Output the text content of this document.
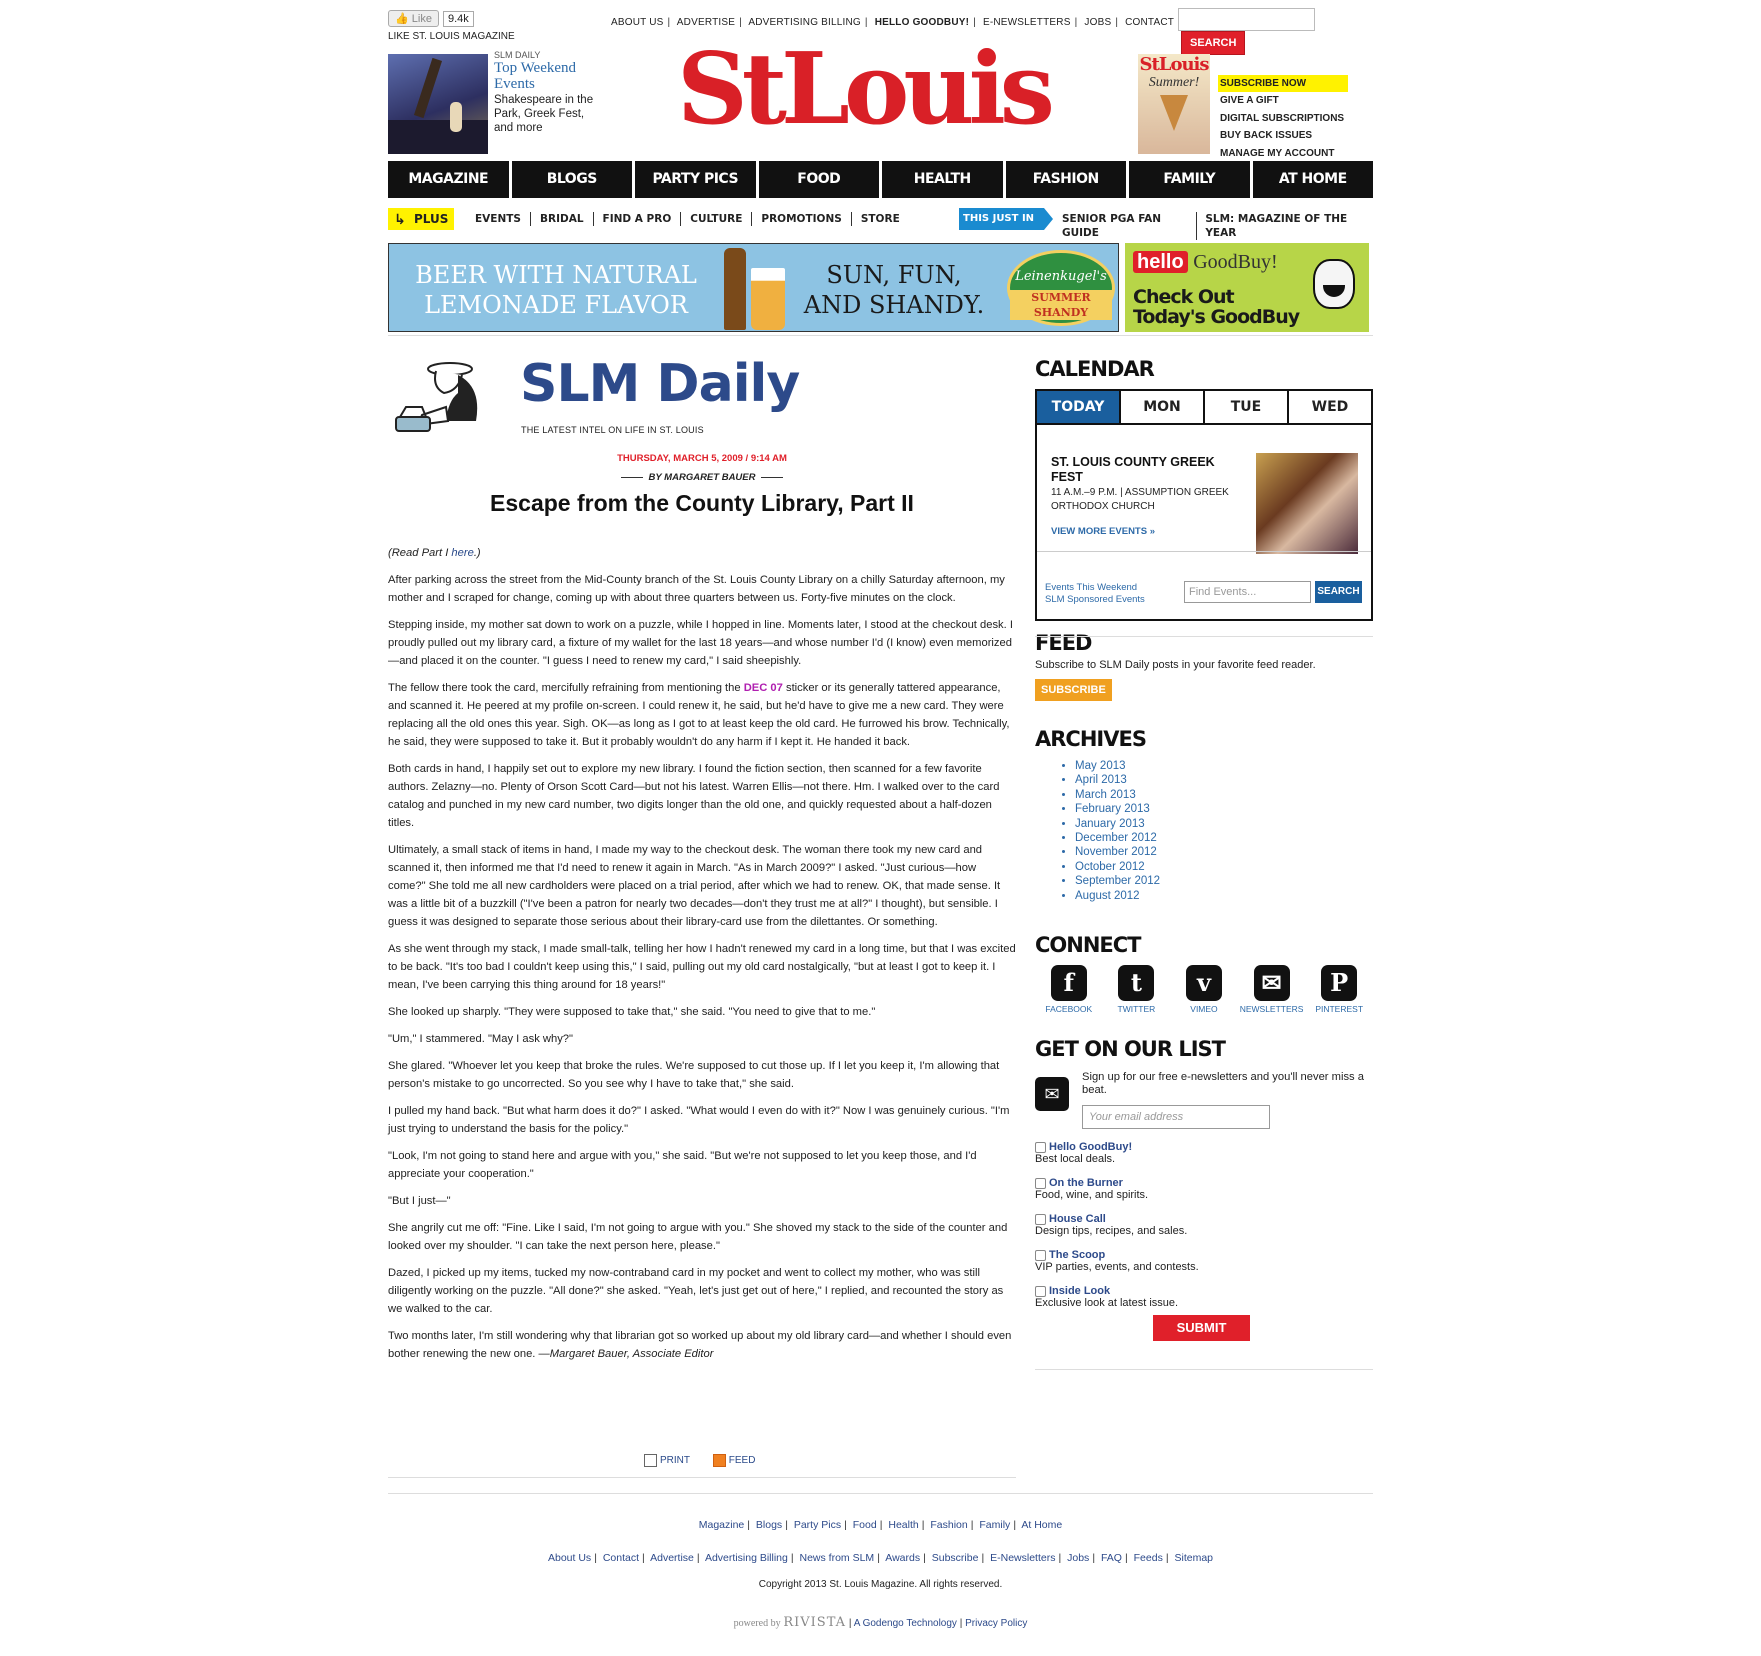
👍 Like 9.4k
LIKE ST. LOUIS MAGAZINE
ABOUT US | ADVERTISE | ADVERTISING BILLING | HELLO GOODBUY! | E-NEWSLETTERS | JOBS | CONTACT
SEARCH
SLM DAILY
Top Weekend Events
Shakespeare in the Park, Greek Fest, and more	StLouis	StLouis
Summer!	SUBSCRIBE NOW
GIVE A GIFT
DIGITAL SUBSCRIPTIONS
BUY BACK ISSUES
MANAGE MY ACCOUNT
MAGAZINE	BLOGS	PARTY PICS	FOOD	HEALTH	FASHION	FAMILY	AT HOME
↳ PLUS	EVENTS	BRIDAL	FIND A PRO	CULTURE	PROMOTIONS	STORE	THIS JUST IN	SENIOR PGA FAN GUIDE
SLM: MAGAZINE OF THE YEAR
BEER WITH NATURAL
LEMONADE FLAVOR
SUN, FUN,
AND SHANDY.
Leinenkugel's
SUMMER SHANDY
hello GoodBuy!
Check Out
Today's GoodBuy
SLM Daily
THE LATEST INTEL ON LIFE IN ST. LOUIS
THURSDAY, MARCH 5, 2009 / 9:14 AM
BY MARGARET BAUER
Escape from the County Library, Part II

(Read Part I here.)

After parking across the street from the Mid-County branch of the St. Louis County Library on a chilly Saturday afternoon, my mother and I scraped for change, coming up with about three quarters between us. Forty-five minutes on the clock.

Stepping inside, my mother sat down to work on a puzzle, while I hopped in line. Moments later, I stood at the checkout desk. I proudly pulled out my library card, a fixture of my wallet for the last 18 years—and whose number I'd (I know) even memorized—and placed it on the counter. "I guess I need to renew my card," I said sheepishly.

The fellow there took the card, mercifully refraining from mentioning the DEC 07 sticker or its generally tattered appearance, and scanned it. He peered at my profile on-screen. I could renew it, he said, but he'd have to give me a new card. They were replacing all the old ones this year. Sigh. OK—as long as I got to at least keep the old card. He furrowed his brow. Technically, he said, they were supposed to take it. But it probably wouldn't do any harm if I kept it. He handed it back.

Both cards in hand, I happily set out to explore my new library. I found the fiction section, then scanned for a few favorite authors. Zelazny—no. Plenty of Orson Scott Card—but not his latest. Warren Ellis—not there. Hm. I walked over to the card catalog and punched in my new card number, two digits longer than the old one, and quickly requested about a half-dozen titles.

Ultimately, a small stack of items in hand, I made my way to the checkout desk. The woman there took my new card and scanned it, then informed me that I'd need to renew it again in March. "As in March 2009?" I asked. "Just curious—how come?" She told me all new cardholders were placed on a trial period, after which we had to renew. OK, that made sense. It was a little bit of a buzzkill ("I've been a patron for nearly two decades—don't they trust me at all?" I thought), but sensible. I guess it was designed to separate those serious about their library-card use from the dilettantes. Or something.

As she went through my stack, I made small-talk, telling her how I hadn't renewed my card in a long time, but that I was excited to be back. "It's too bad I couldn't keep using this," I said, pulling out my old card nostalgically, "but at least I got to keep it. I mean, I've been carrying this thing around for 18 years!"

She looked up sharply. "They were supposed to take that," she said. "You need to give that to me."

"Um," I stammered. "May I ask why?"

She glared. "Whoever let you keep that broke the rules. We're supposed to cut those up. If I let you keep it, I'm allowing that person's mistake to go uncorrected. So you see why I have to take that," she said.

I pulled my hand back. "But what harm does it do?" I asked. "What would I even do with it?" Now I was genuinely curious. "I'm just trying to understand the basis for the policy."

"Look, I'm not going to stand here and argue with you," she said. "But we're not supposed to let you keep those, and I'd appreciate your cooperation."

"But I just—"

She angrily cut me off: "Fine. Like I said, I'm not going to argue with you." She shoved my stack to the side of the counter and looked over my shoulder. "I can take the next person here, please."

Dazed, I picked up my items, tucked my now-contraband card in my pocket and went to collect my mother, who was still diligently working on the puzzle. "All done?" she asked. "Yeah, let's just get out of here," I replied, and recounted the story as we walked to the car.

Two months later, I'm still wondering why that librarian got so worked up about my old library card—and whether I should even bother renewing the new one. —Margaret Bauer, Associate Editor

PRINT	FEED
CALENDAR
TODAY	MON	TUE	WED
ST. LOUIS COUNTY GREEK FEST
11 A.M.–9 P.M. | ASSUMPTION GREEK ORTHODOX CHURCH
VIEW MORE EVENTS »
Events This Weekend
SLM Sponsored Events
Find Events...	SEARCH
FEED
Subscribe to SLM Daily posts in your favorite feed reader.
SUBSCRIBE
ARCHIVES
• May 2013
• April 2013
• March 2013
• February 2013
• January 2013
• December 2012
• November 2012
• October 2012
• September 2012
• August 2012
CONNECT
f
FACEBOOK
t
TWITTER
v
VIMEO
✉
NEWSLETTERS
P
PINTEREST
GET ON OUR LIST
✉
Sign up for our free e-newsletters and you'll never miss a beat.
Your email address
Hello GoodBuy!
Best local deals.
On the Burner
Food, wine, and spirits.
House Call
Design tips, recipes, and sales.
The Scoop
VIP parties, events, and contests.
Inside Look
Exclusive look at latest issue.
SUBMIT
Magazine | Blogs | Party Pics | Food | Health | Fashion | Family | At Home
About Us | Contact | Advertise | Advertising Billing | News from SLM | Awards | Subscribe | E-Newsletters | Jobs | FAQ | Feeds | Sitemap
Copyright 2013 St. Louis Magazine. All rights reserved.
powered by RIVISTA | A Godengo Technology | Privacy Policy
